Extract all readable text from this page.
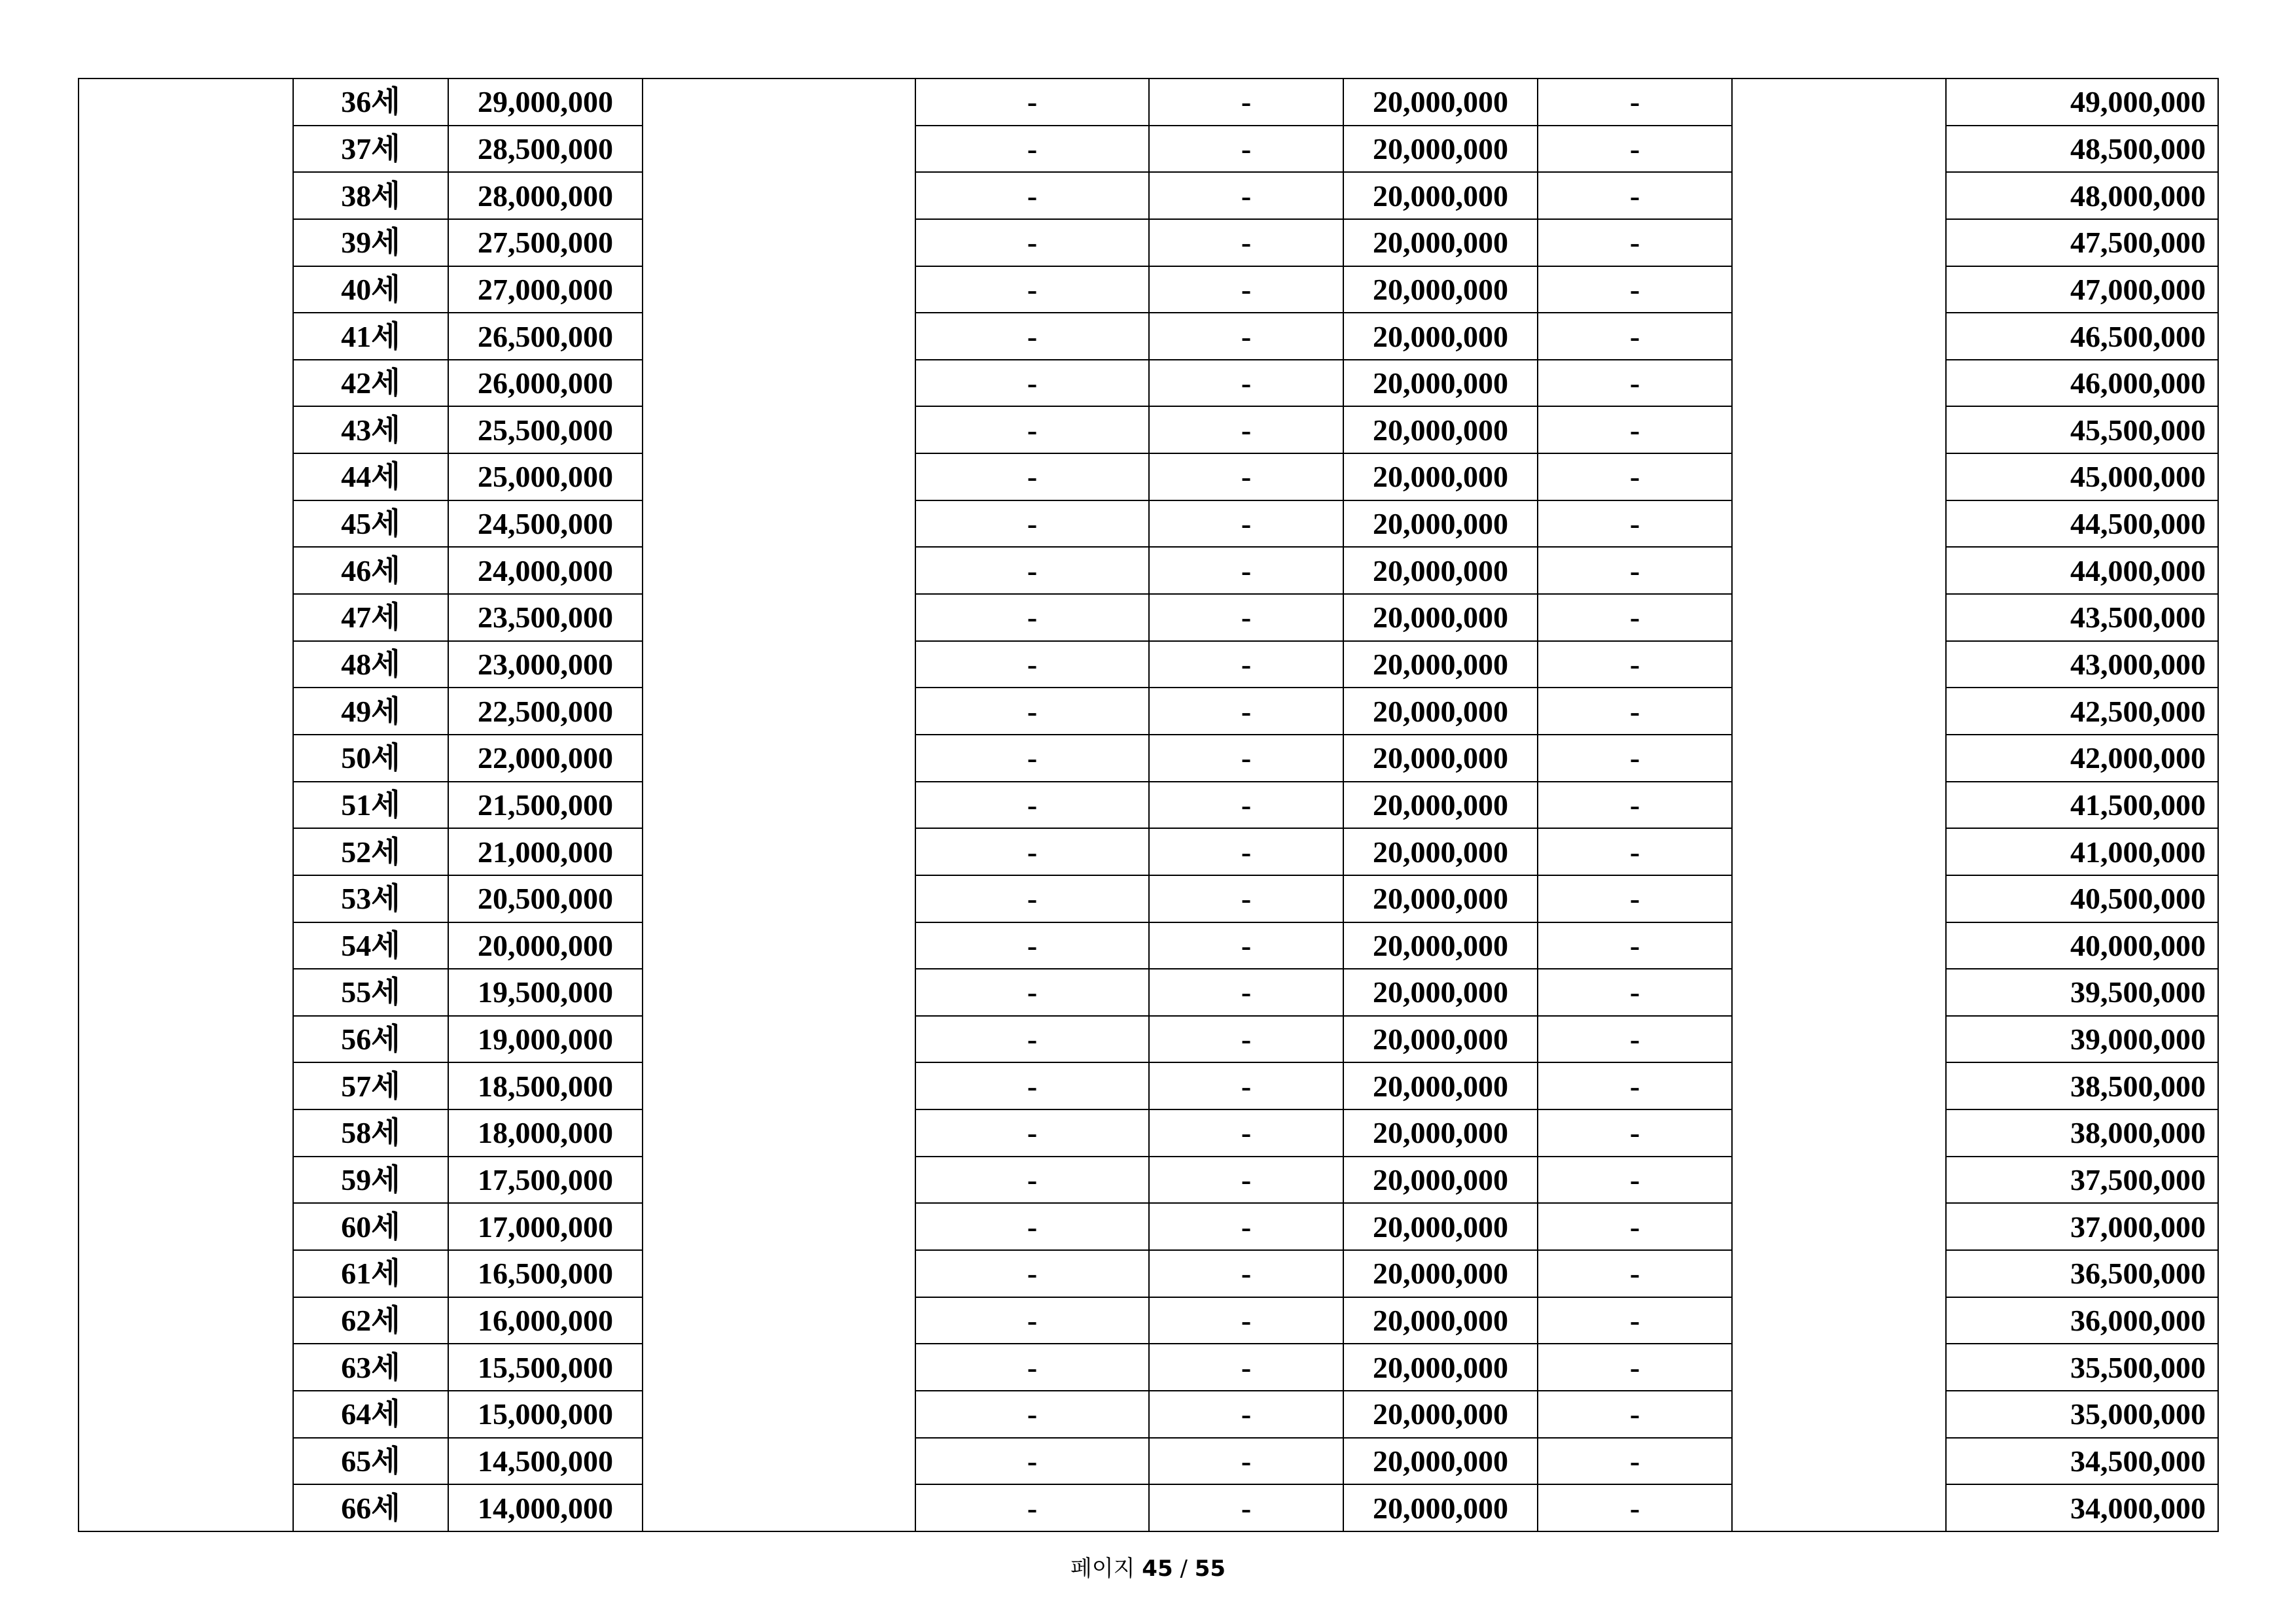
	36세	29,000,000		-	-	20,000,000	-		49,000,000
	37세	28,500,000		-	-	20,000,000	-		48,500,000
	38세	28,000,000		-	-	20,000,000	-		48,000,000
	39세	27,500,000		-	-	20,000,000	-		47,500,000
	40세	27,000,000		-	-	20,000,000	-		47,000,000
	41세	26,500,000		-	-	20,000,000	-		46,500,000
	42세	26,000,000		-	-	20,000,000	-		46,000,000
	43세	25,500,000		-	-	20,000,000	-		45,500,000
	44세	25,000,000		-	-	20,000,000	-		45,000,000
	45세	24,500,000		-	-	20,000,000	-		44,500,000
	46세	24,000,000		-	-	20,000,000	-		44,000,000
	47세	23,500,000		-	-	20,000,000	-		43,500,000
	48세	23,000,000		-	-	20,000,000	-		43,000,000
	49세	22,500,000		-	-	20,000,000	-		42,500,000
	50세	22,000,000		-	-	20,000,000	-		42,000,000
	51세	21,500,000		-	-	20,000,000	-		41,500,000
	52세	21,000,000		-	-	20,000,000	-		41,000,000
	53세	20,500,000		-	-	20,000,000	-		40,500,000
	54세	20,000,000		-	-	20,000,000	-		40,000,000
	55세	19,500,000		-	-	20,000,000	-		39,500,000
	56세	19,000,000		-	-	20,000,000	-		39,000,000
	57세	18,500,000		-	-	20,000,000	-		38,500,000
	58세	18,000,000		-	-	20,000,000	-		38,000,000
	59세	17,500,000		-	-	20,000,000	-		37,500,000
	60세	17,000,000		-	-	20,000,000	-		37,000,000
	61세	16,500,000		-	-	20,000,000	-		36,500,000
	62세	16,000,000		-	-	20,000,000	-		36,000,000
	63세	15,500,000		-	-	20,000,000	-		35,500,000
	64세	15,000,000		-	-	20,000,000	-		35,000,000
	65세	14,500,000		-	-	20,000,000	-		34,500,000
	66세	14,000,000		-	-	20,000,000	-		34,000,000
페이지 45 / 55
